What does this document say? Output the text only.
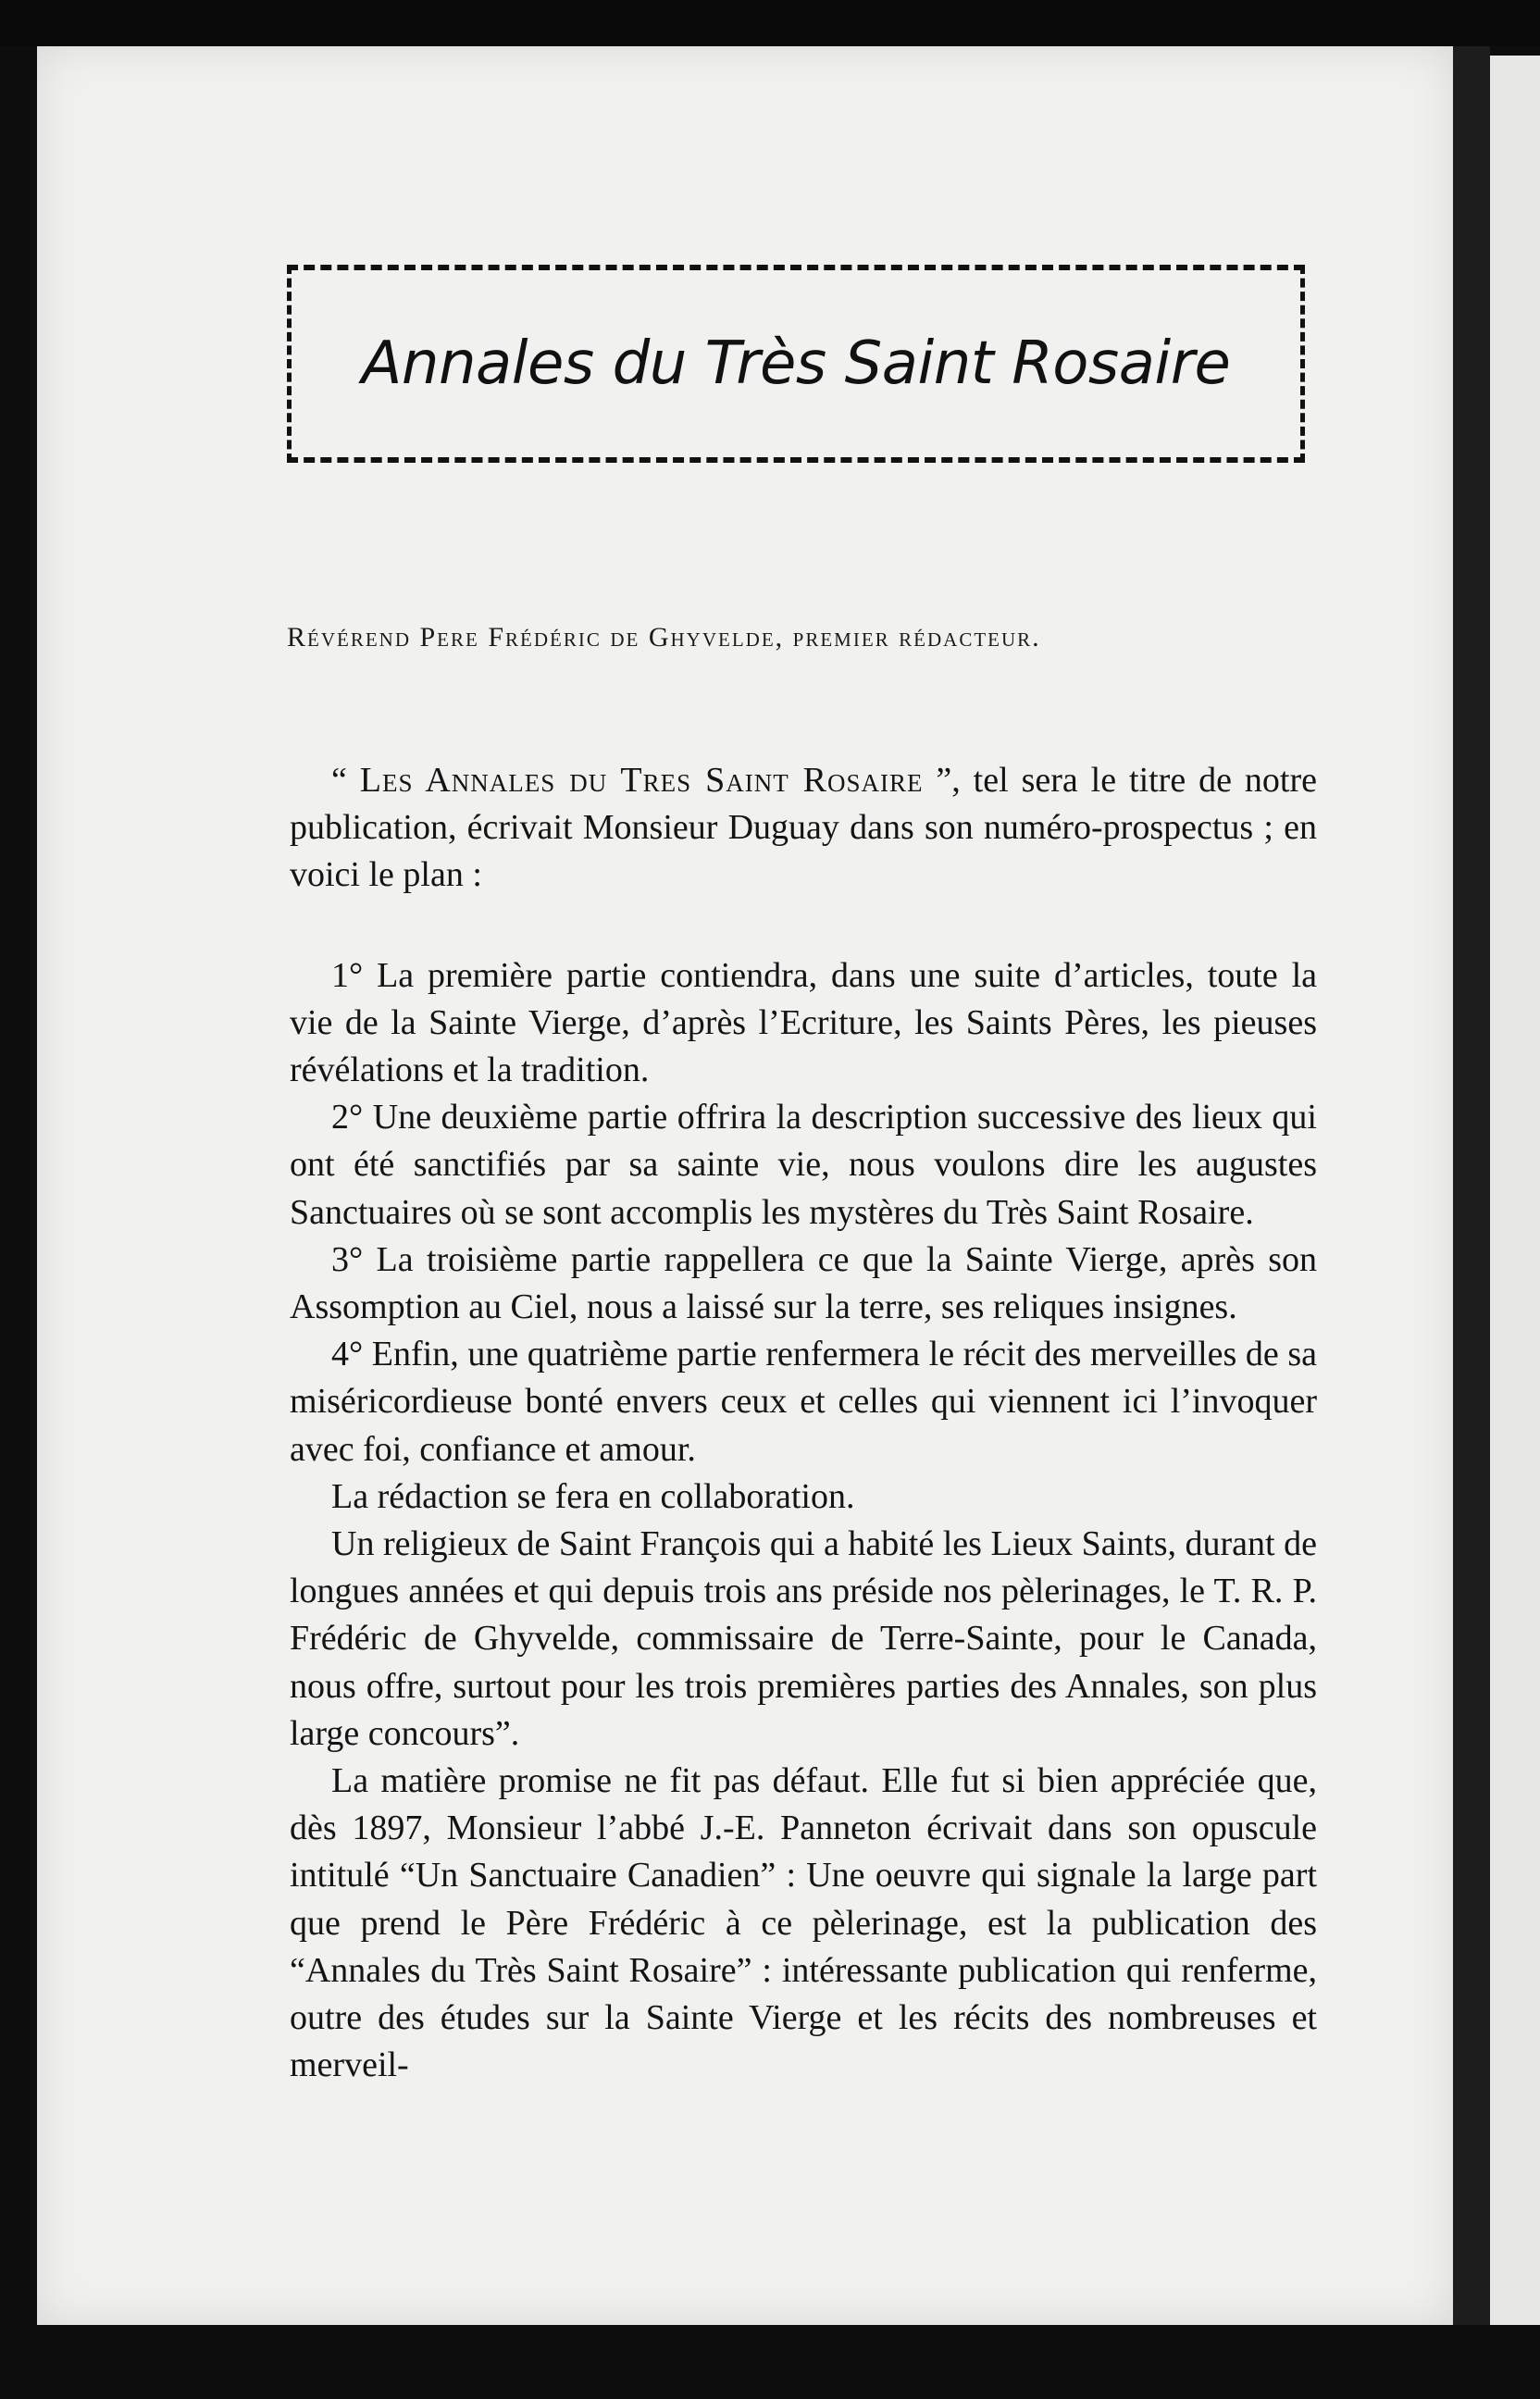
Annales du Très Saint Rosaire
Révérend Pere Frédéric de Ghyvelde, premier rédacteur.

“ Les Annales du Tres Saint Rosaire ”, tel sera le titre de notre publication, écrivait Monsieur Duguay dans son numéro-prospectus ; en voici le plan :

1° La première partie contiendra, dans une suite d’articles, toute la vie de la Sainte Vierge, d’après l’Ecriture, les Saints Pères, les pieuses révélations et la tradition.

2° Une deuxième partie offrira la description successive des lieux qui ont été sanctifiés par sa sainte vie, nous voulons dire les augustes Sanctuaires où se sont accomplis les mystères du Très Saint Rosaire.

3° La troisième partie rappellera ce que la Sainte Vierge, après son Assomption au Ciel, nous a laissé sur la terre, ses reliques insignes.

4° Enfin, une quatrième partie renfermera le récit des merveilles de sa miséricordieuse bonté envers ceux et celles qui viennent ici l’invoquer avec foi, confiance et amour.

La rédaction se fera en collaboration.

Un religieux de Saint François qui a habité les Lieux Saints, durant de longues années et qui depuis trois ans préside nos pèlerinages, le T. R. P. Frédéric de Ghyvelde, commissaire de Terre-Sainte, pour le Canada, nous offre, surtout pour les trois premières parties des Annales, son plus large concours”.

La matière promise ne fit pas défaut. Elle fut si bien appréciée que, dès 1897, Monsieur l’abbé J.-E. Panneton écrivait dans son opuscule intitulé “Un Sanctuaire Canadien” : Une oeuvre qui signale la large part que prend le Père Frédéric à ce pèlerinage, est la publication des “Annales du Très Saint Rosaire” : intéressante publication qui renferme, outre des études sur la Sainte Vierge et les récits des nombreuses et merveil-
